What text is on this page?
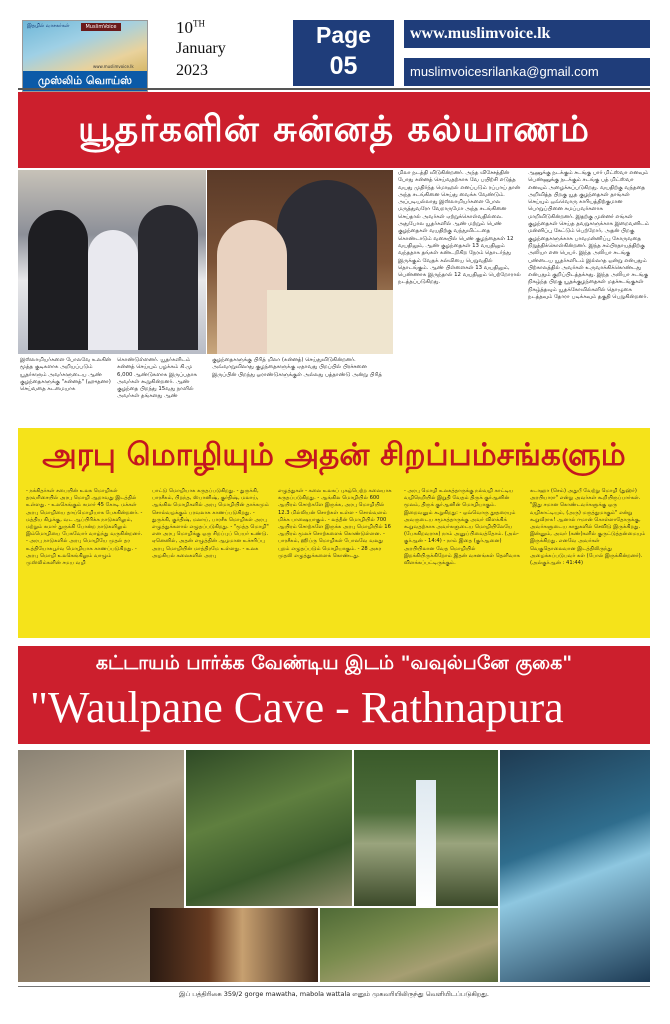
இதழில் வாசகர்கள்	MuslimVoice
www.muslimvoice.lk
முஸ்லிம் வொய்ஸ்
10TH
January
2023
Page
05
www.muslimvoice.lk
muslimvoicesrilanka@gmail.com
யூதர்களின் சுன்னத் கல்யாணம்

இஸ்லாமியர்களை போலவே உலகின் மூத்த குடிகளாக அறியப்படும் யூதர்களும் அவர்களுடைய ஆண் குழந்தைகளுக்கு "சுன்னத்" (ஹுதனா) செய்வதை கடமையாக

கொண்டுள்ளனர். யூதர்களிடம் சுன்னத் செய்யும் பழக்கம் கி.மு 6,000 ஆண்டுகளாக இருப்பதாக அவர்கள் கூறுகின்றனர். ஆண் குழந்தை பிறந்து 15வது நாளில் அவர்கள் தங்களது ஆண்

குழந்தைகளுக்கு பிரித் மிலா (சுன்னத்) செய்துவிடுகின்றனர். அவ்வாறுவிலாது குழந்தைகளுக்கு ஏதாவது பிறப்பில் பிரச்சனை இருப்பின் பிறந்து ஓராண்டுகளுக்குள் அல்லது பத்தாண்டு அன்று பிரித்

மிலா நடத்தி விடுகின்றனர். அந்த விசேசத்தின் போது சுன்னத் செய்வதற்காக வே பயிற்சி எடுத்த வயது முதிர்ந்த மொஹல் எனப்படும் ரப்பாய் தான் அந்த சடங்கினை செய்து வைக்க வேண்டும். அப்படியல்லாது இஸ்லாமியர்களை போல மருத்துவரோ வேறாருமோ அந்த சடங்கினை செய்தால் அவர்கள் ஏற்றுக்கொள்வதில்லை. அதுபோல யூதர்களில் ஆண் மற்றும் பெண் குழந்தைகள் வயதிற்கு வந்துவிட்டதை கொண்டாடும் வகையில் பெண் குழந்தைகள் 12 வயதிலும், ஆண் குழந்தைகள் 13 வயதிலும் வந்ததாக தங்கள் கண்டறிகிற நேரம் தொடர்ந்து இருக்கும் வேதக் கல்வியை பெறுவதில் தொடங்கும். ஆண் பிள்ளைகள் 13 வயதிலும், பெண்ணாக இருந்தால் 12 வயதிலும் பெற்றோரால் நடத்தப்படுகிறது.

ஆணுக்கு நடக்கும் சடங்கு பார் மிட்ஸ்வா எனவும் பெண்ணுக்கு நடக்கும் சடங்கு பத் மிட்ஸ்வா எனவும் அழைக்கப்படுகிறது. வயதிற்கு வந்ததை அறிவித்த பிறகு யூத குழந்தைகள் தாங்கள் செய்யும் ஒவ்வொரு காரியத்திற்குமான பொறுப்பினை சுமப்பவர்களாக மாறிவிடுகின்றனர். இதற்கு முன்னர் எங்கள் குழந்தைகள் செய்த தவறுகளுக்காக இறைவனிடம் மன்னிப்பு கேட்டும் பெற்றோர், அதன் பிறகு குழந்தைகளுக்காக பாவமன்னிப்பு கோருவதை நிறுத்திக்கொள்கின்றனர். இந்த சம்பிரதாயத்திற்கு அலியா என பெயர். இந்த அலியா சடங்கு பண்டைய யூதர்களிடம் இல்லாத ஒன்று என்பதும் பிற்காலத்தில் அவர்கள் உருவாக்கிக்கொண்டது என்பதும் குறிப்பிடத்தக்கது. இந்த அலியா சடங்கு நிகழ்ந்த பிறகு யூதக்குழந்தைகள் மதச்சடங்குகள் நிகழ்த்தவும் யூதக்கோவில்களில் தொழுகை நடத்தவும் தோரா படிக்கவும் தகுதி பெறுகின்றனர்.

அரபு மொழியும் அதன் சிறப்பம்சங்களும்

- நக்கிதர்கள் சபையின் உலக மொழிகள் தரவரிசையில் அரபு மொழி ஆறாவது இடத்தில் உள்ளது. - உலகெங்கும் சுமார் 45 கோடி மக்கள் அரபு மொழியை தாய்மொழியாக பேசுகின்றனர். - மத்திய கிழக்கு, வட ஆப்பிரிக்க நாடுகளிலும், மற்றும் சுமார் துருக்கி போன்ற நாடுகளிலும் இம்மொழியை பேசுவோர் வாழ்ந்து வருகின்றனர். - அரபு நாடுகளில் அரபு மொழியே முதல் தர உத்தியோகபூர்வ மொழியாக காணப்படுகிறது. - அரபு மொழி உலகெங்கிலும் வாழும் முஸ்லிம்களின் சமய வழி

பாட்டு மொழியாக கருதப்படுகிறது. - துருக்கி, பாரசீகம், பிறந்த, ஸ்பானிஷ், குர்திஷ், மலாய், ஆங்கில மொழிகளில் அரபு மொழியின் தாக்கமும் சொல்வழக்கும் பரவலாக காணப்படுகிறது. - துருக்கி, குர்திஷ், மலாய், பாரசீக மொழிகள் அரபு எழுத்துக்களால் எழுதப்படுகிறது. - "மூத்த மொழி" என அரபு மொழிக்கு ஒரு சிறப்புப் பெயர் உண்டு. ஏனெனில், அதன் எழுத்தின் ஆழமான உச்சரிப்பு அரபு மொழியின் மாத்திரமே உள்ளது. - உலக அழகியல் கலைகளில் அரபு

எழுத்துகள் - கலை உலகப் புகழ்பெற்ற கலையாக கருதப்படுகிறது. - ஆங்கில மொழியில் 600 ஆயிரம் சொற்களே இருக்க, அரபு மொழியில் 12.3 மில்லியன் சொற்கள் உள்ள - சொல்வளம் மிக்க பாஷையாகும். - லத்தீன் மொழியில் 700 ஆயிரம் சொற்களே இருக்க அரபு மொழியில் 16 ஆயிரம் மூலச் சொற்களைக் கொண்டுள்ளன. - பாரசீகம், ஹிப்ரு மொழிகள் போலவே வலது புறம் எழுதப்படும் மொழியாகும். - 28 அகர முதலி எழுத்துக்களைக் கொண்டது.

- அரபு மொழி உலகத்தாருக்கு நல்வழி காட்டிய வழிநெறியில் இறுதி வேதம் திருக் குர்ஆனின் மூலம், திருக் குர்ஆனின் மொழியாகும். இறைவனும் கூறுகிறது: - ஒவ்வொரு தூதரையும் அவருடைய சமூகத்தாருக்கு அவர் விளக்கிக் கூறுவதற்காக அவர்களுடைய மொழியிலேயே (பேசுகிறவராக) நாம் அனுப்பிவைத்தோம். (அல்-குர்ஆன் - 14:4) - நாம் இதை (குர்ஆனை) அரபியிலான வேத மொழியில் இறக்கியிருக்கிறோம் இதன் வசனங்கள் தெளிவாக விளக்கப்பட்டிருக்கும்.

கடாஹா (செம்) அதுபீ வேற்று மொழி (துஹ்ர்) அரபியாரா" என்று அவர்கள் கூறியிருப்பார்கள். "இது சமான கொண்டவர்களுக்கு ஒரு வழிகாட்டியும், (அரு) மருத்துமாகும்" என்று கூறுவீராக! ஆனால் ஈமான் கொள்ளாதோருக்கு, அவர்களுடைய காதுகளில் செவிடு இருக்கிறது. இன்னும், அவர் (கண்)களில் குருட்டுத்தன்மையும் இருக்கிறது. எனவே அவர்கள் வெகுதொலைவான இடத்திலிருந்து அழைக்கப்படுபவர் கள் (போல் இருக்கின்றனர்). (அல்குர்ஆன் : 41:44)

கட்டாயம் பார்க்க வேண்டிய இடம் "வவுல்பனே குகை"
"Waulpane Cave - Rathnapura
இப் பத்திரிகை 359/2 gorge mawatha, mabola wattala எனும் முகவரியிலிருந்து வெளியிடப்படுகிறது.
